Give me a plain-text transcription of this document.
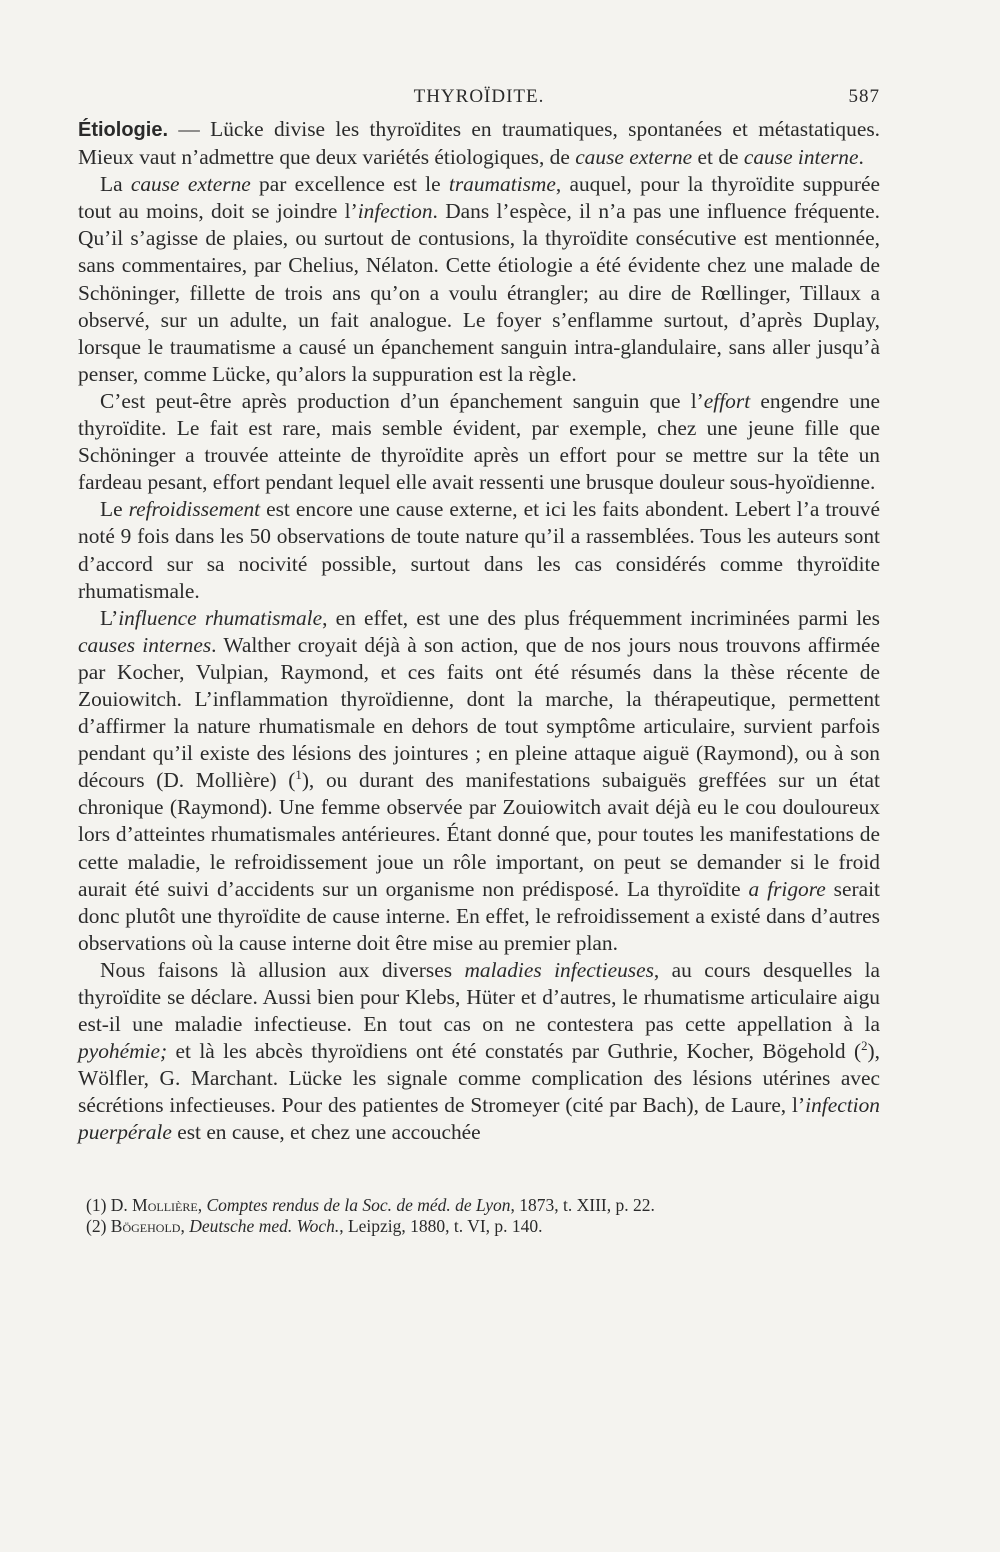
THYROÏDITE.	587

Étiologie. — Lücke divise les thyroïdites en traumatiques, spontanées et métastatiques. Mieux vaut n’admettre que deux variétés étiologiques, de cause externe et de cause interne.

La cause externe par excellence est le traumatisme, auquel, pour la thyroïdite suppurée tout au moins, doit se joindre l’infection. Dans l’espèce, il n’a pas une influence fréquente. Qu’il s’agisse de plaies, ou surtout de contusions, la thyroïdite consécutive est mentionnée, sans commentaires, par Chelius, Nélaton. Cette étiologie a été évidente chez une malade de Schöninger, fillette de trois ans qu’on a voulu étrangler; au dire de Rœllinger, Tillaux a observé, sur un adulte, un fait analogue. Le foyer s’enflamme surtout, d’après Duplay, lorsque le traumatisme a causé un épanchement sanguin intra-glandulaire, sans aller jusqu’à penser, comme Lücke, qu’alors la suppuration est la règle.

C’est peut-être après production d’un épanchement sanguin que l’effort engendre une thyroïdite. Le fait est rare, mais semble évident, par exemple, chez une jeune fille que Schöninger a trouvée atteinte de thyroïdite après un effort pour se mettre sur la tête un fardeau pesant, effort pendant lequel elle avait ressenti une brusque douleur sous-hyoïdienne.

Le refroidissement est encore une cause externe, et ici les faits abondent. Lebert l’a trouvé noté 9 fois dans les 50 observations de toute nature qu’il a rassemblées. Tous les auteurs sont d’accord sur sa nocivité possible, surtout dans les cas considérés comme thyroïdite rhumatismale.

L’influence rhumatismale, en effet, est une des plus fréquemment incriminées parmi les causes internes. Walther croyait déjà à son action, que de nos jours nous trouvons affirmée par Kocher, Vulpian, Raymond, et ces faits ont été résumés dans la thèse récente de Zouiowitch. L’inflammation thyroïdienne, dont la marche, la thérapeutique, permettent d’affirmer la nature rhumatismale en dehors de tout symptôme articulaire, survient parfois pendant qu’il existe des lésions des jointures ; en pleine attaque aiguë (Raymond), ou à son décours (D. Mollière) ($^1$), ou durant des manifestations subaiguës greffées sur un état chronique (Raymond). Une femme observée par Zouiowitch avait déjà eu le cou douloureux lors d’atteintes rhumatismales antérieures. Étant donné que, pour toutes les manifestations de cette maladie, le refroidissement joue un rôle important, on peut se demander si le froid aurait été suivi d’accidents sur un organisme non prédisposé. La thyroïdite a frigore serait donc plutôt une thyroïdite de cause interne. En effet, le refroidissement a existé dans d’autres observations où la cause interne doit être mise au premier plan.

Nous faisons là allusion aux diverses maladies infectieuses, au cours desquelles la thyroïdite se déclare. Aussi bien pour Klebs, Hüter et d’autres, le rhumatisme articulaire aigu est-il une maladie infectieuse. En tout cas on ne contestera pas cette appellation à la pyohémie; et là les abcès thyroïdiens ont été constatés par Guthrie, Kocher, Bögehold ($^2$), Wölfler, G. Marchant. Lücke les signale comme complication des lésions utérines avec sécrétions infectieuses. Pour des patientes de Stromeyer (cité par Bach), de Laure, l’infection puerpérale est en cause, et chez une accouchée

(1) D. Mollière, Comptes rendus de la Soc. de méd. de Lyon, 1873, t. XIII, p. 22.

(2) Bögehold, Deutsche med. Woch., Leipzig, 1880, t. VI, p. 140.
